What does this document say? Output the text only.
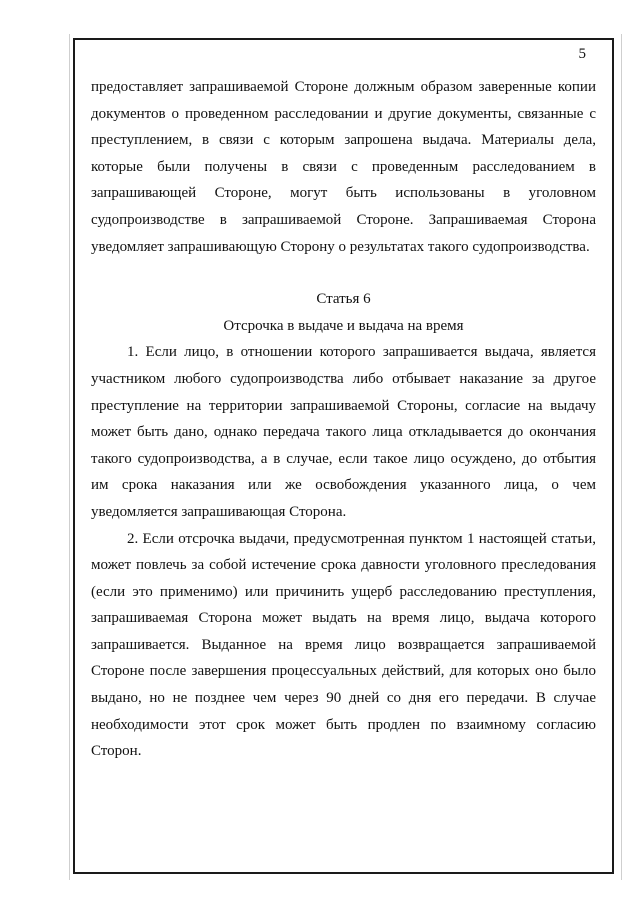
5

предоставляет запрашиваемой Стороне должным образом заверенные копии документов о проведенном расследовании и другие документы, связанные с преступлением, в связи с которым запрошена выдача. Материалы дела, которые были получены в связи с проведенным расследованием в запрашивающей Стороне, могут быть использованы в уголовном судопроизводстве в запрашиваемой Стороне. Запрашиваемая Сторона уведомляет запрашивающую Сторону о результатах такого судопроизводства.

Статья 6

Отсрочка в выдаче и выдача на время

1. Если лицо, в отношении которого запрашивается выдача, является участником любого судопроизводства либо отбывает наказание за другое преступление на территории запрашиваемой Стороны, согласие на выдачу может быть дано, однако передача такого лица откладывается до окончания такого судопроизводства, а в случае, если такое лицо осуждено, до отбытия им срока наказания или же освобождения указанного лица, о чем уведомляется запрашивающая Сторона.

2. Если отсрочка выдачи, предусмотренная пунктом 1 настоящей статьи, может повлечь за собой истечение срока давности уголовного преследования (если это применимо) или причинить ущерб расследованию преступления, запрашиваемая Сторона может выдать на время лицо, выдача которого запрашивается. Выданное на время лицо возвращается запрашиваемой Стороне после завершения процессуальных действий, для которых оно было выдано, но не позднее чем через 90 дней со дня его передачи. В случае необходимости этот срок может быть продлен по взаимному согласию Сторон.
